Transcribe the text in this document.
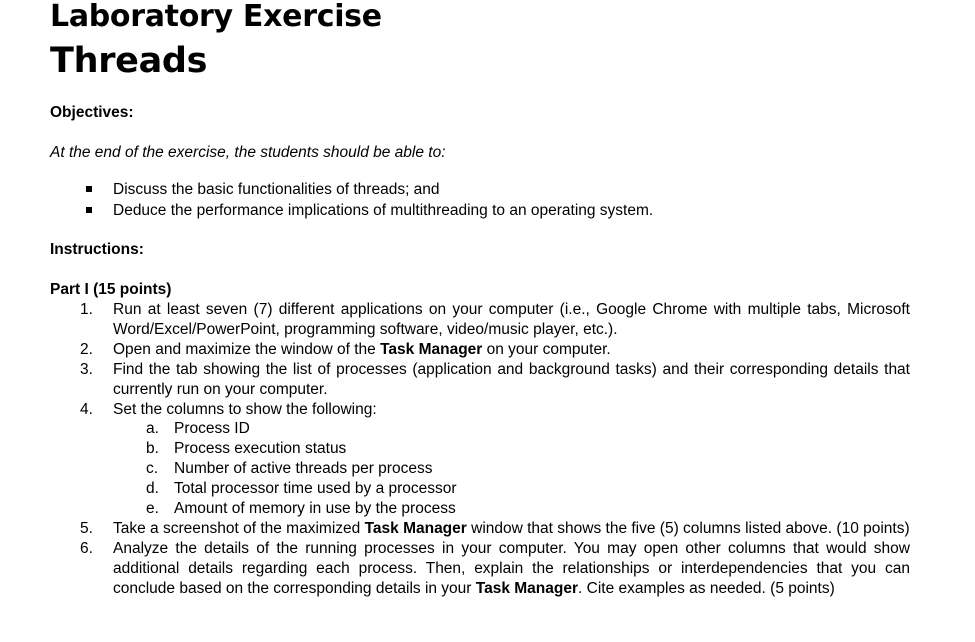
Laboratory Exercise
Threads
Objectives:
At the end of the exercise, the students should be able to:
Discuss the basic functionalities of threads; and
Deduce the performance implications of multithreading to an operating system.
Instructions:
Part I (15 points)
1. Run at least seven (7) different applications on your computer (i.e., Google Chrome with multiple tabs, Microsoft Word/Excel/PowerPoint, programming software, video/music player, etc.).
2. Open and maximize the window of the Task Manager on your computer.
3. Find the tab showing the list of processes (application and background tasks) and their corresponding details that currently run on your computer.
4. Set the columns to show the following:
a. Process ID
b. Process execution status
c. Number of active threads per process
d. Total processor time used by a processor
e. Amount of memory in use by the process
5. Take a screenshot of the maximized Task Manager window that shows the five (5) columns listed above. (10 points)
6. Analyze the details of the running processes in your computer. You may open other columns that would show additional details regarding each process. Then, explain the relationships or interdependencies that you can conclude based on the corresponding details in your Task Manager. Cite examples as needed. (5 points)
